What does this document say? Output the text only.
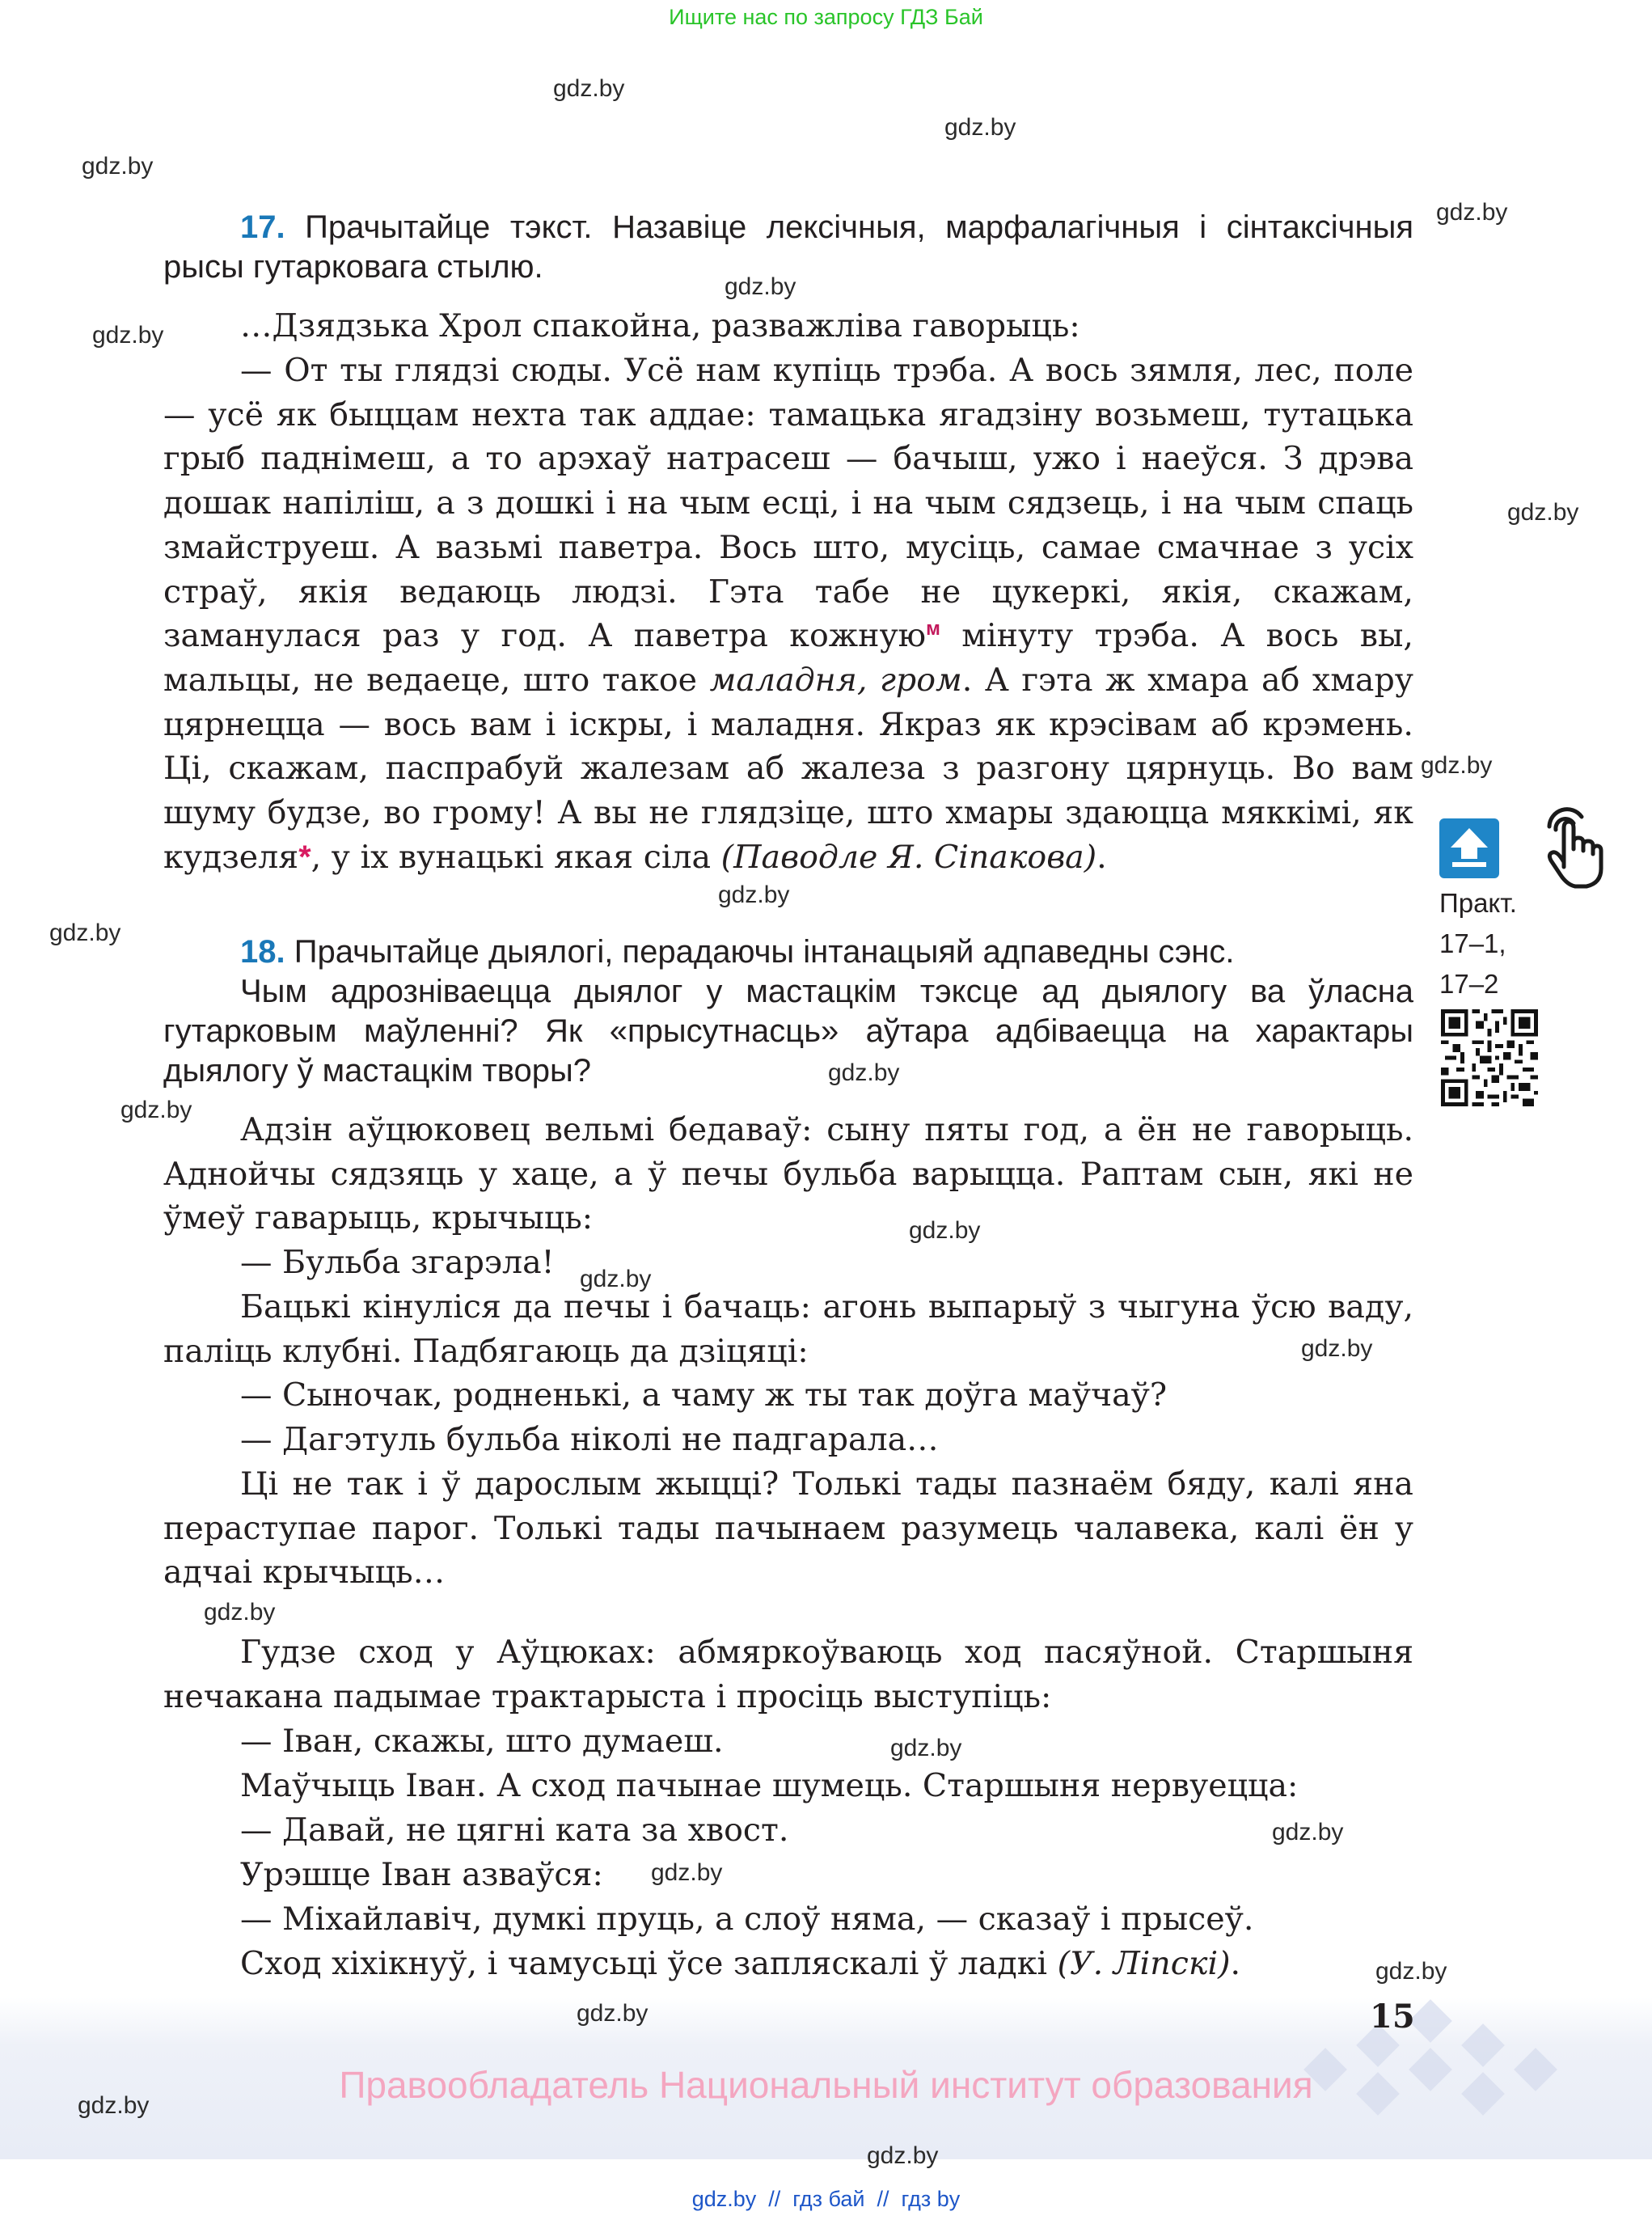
Ищите нас по запросу ГДЗ Бай
17. Прачытайце тэкст. Назавіце лексічныя, марфалагічныя і сінтаксічныя рысы гутарковага стылю.
…Дзядзька Хрол спакойна, разважліва гаворыць:
— От ты глядзі сюды. Усё нам купіць трэба. А вось зямля, лес, поле — усё як быццам нехта так аддае: тамацька ягадзіну возьмеш, тутацька грыб паднімеш, а то арэхаў натрасеш — бачыш, ужо і наеўся. З дрэва дошак напіліш, а з дошкі і на чым есці, і на чым сядзець, і на чым спаць змайструеш. А вазьмі паветра. Вось што, мусіць, самае смачнае з усіх страў, якія ведаюць людзі. Гэта табе не цукеркі, якія, скажам, заманулася раз у год. А паветра кожную$^м$ мінуту трэба. А вось вы, мальцы, не ведаеце, што такое маладня, гром. А гэта ж хмара аб хмару цярнецца — вось вам і іскры, і маладня. Якраз як крэсівам аб крэмень. Ці, скажам, паспрабуй жалезам аб жалеза з разгону цярнуць. Во вам шуму будзе, во грому! А вы не глядзіце, што хмары здаюцца мяккімі, як кудзеля*, у іх вунацькі якая сіла (Паводле Я. Сіпакова).
18. Прачытайце дыялогі, перадаючы інтанацыяй адпаведны сэнс.
Чым адрозніваецца дыялог у мастацкім тэксце ад дыялогу ва ўласна гутарковым маўленні? Як «прысутнасць» аўтара адбіваецца на характары дыялогу ў мастацкім творы?
Адзін аўцюковец вельмі бедаваў: сыну пяты год, а ён не гаворыць. Аднойчы сядзяць у хаце, а ў печы бульба варыцца. Раптам сын, які не ўмеў гаварыць, крычыць:
— Бульба згарэла!
Бацькі кінуліся да печы і бачаць: агонь выпарыў з чыгуна ўсю ваду, паліць клубні. Падбягаюць да дзіцяці:
— Сыночак, родненькі, а чаму ж ты так доўга маўчаў?
— Дагэтуль бульба ніколі не падгарала…
Ці не так і ў дарослым жыцці? Толькі тады пазнаём бяду, калі яна пераступае парог. Толькі тады пачынаем разумець чалавека, калі ён у адчаі крычыць…
Гудзе сход у Аўцюках: абмяркоўваюць ход пасяўной. Старшыня нечакана падымае трактарыста і просіць выступіць:
— Іван, скажы, што думаеш.
Маўчыць Іван. А сход пачынае шумець. Старшыня нервуецца:
— Давай, не цягні ката за хвост.
Урэшце Іван азваўся:
— Міхайлавіч, думкі пруць, а слоў няма, — сказаў і прысеў.
Сход хіхікнуў, і чамусьці ўсе запляскалі ў ладкі (У. Ліпскі).
Практ.
17–1,
17–2
gdz.by
gdz.by
gdz.by
gdz.by
gdz.by
gdz.by
gdz.by
gdz.by
gdz.by
gdz.by
gdz.by
gdz.by
gdz.by
gdz.by
gdz.by
gdz.by
gdz.by
gdz.by
gdz.by
gdz.by
gdz.by
gdz.by
gdz.by
15
Правообладатель Национальный институт образования
gdz.by  //  гдз бай  //  гдз by
